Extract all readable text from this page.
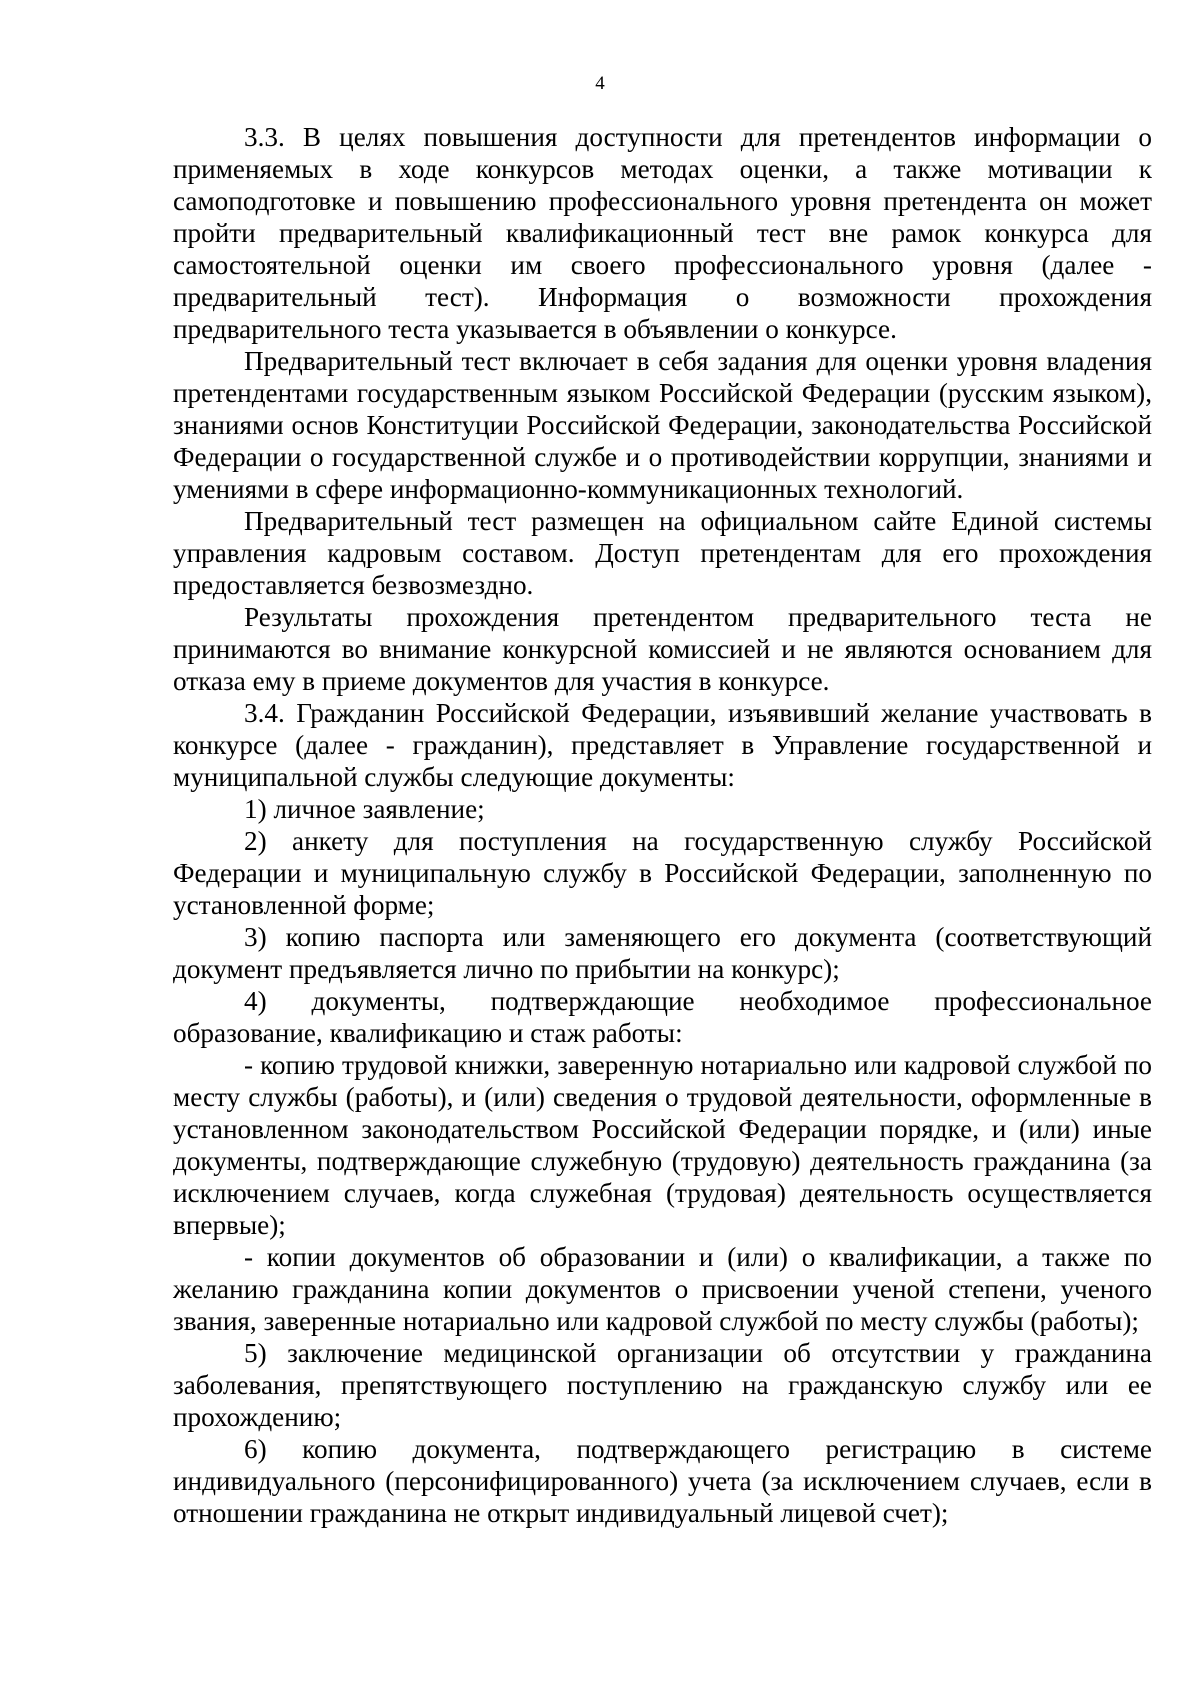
4

3.3. В целях повышения доступности для претендентов информации о применяемых в ходе конкурсов методах оценки, а также мотивации к самоподготовке и повышению профессионального уровня претендента он может пройти предварительный квалификационный тест вне рамок конкурса для самостоятельной оценки им своего профессионального уровня (далее - предварительный тест). Информация о возможности прохождения предварительного теста указывается в объявлении о конкурсе.

Предварительный тест включает в себя задания для оценки уровня владения претендентами государственным языком Российской Федерации (русским языком), знаниями основ Конституции Российской Федерации, законодательства Российской Федерации о государственной службе и о противодействии коррупции, знаниями и умениями в сфере информационно-коммуникационных технологий.

Предварительный тест размещен на официальном сайте Единой системы управления кадровым составом. Доступ претендентам для его прохождения предоставляется безвозмездно.

Результаты прохождения претендентом предварительного теста не принимаются во внимание конкурсной комиссией и не являются основанием для отказа ему в приеме документов для участия в конкурсе.

3.4. Гражданин Российской Федерации, изъявивший желание участвовать в конкурсе (далее - гражданин), представляет в Управление государственной и муниципальной службы следующие документы:

1) личное заявление;

2) анкету для поступления на государственную службу Российской Федерации и муниципальную службу в Российской Федерации, заполненную по установленной форме;

3) копию паспорта или заменяющего его документа (соответствующий документ предъявляется лично по прибытии на конкурс);

4) документы, подтверждающие необходимое профессиональное образование, квалификацию и стаж работы:

- копию трудовой книжки, заверенную нотариально или кадровой службой по месту службы (работы), и (или) сведения о трудовой деятельности, оформленные в установленном законодательством Российской Федерации порядке, и (или) иные документы, подтверждающие служебную (трудовую) деятельность гражданина (за исключением случаев, когда служебная (трудовая) деятельность осуществляется впервые);

- копии документов об образовании и (или) о квалификации, а также по желанию гражданина копии документов о присвоении ученой степени, ученого звания, заверенные нотариально или кадровой службой по месту службы (работы);

5) заключение медицинской организации об отсутствии у гражданина заболевания, препятствующего поступлению на гражданскую службу или ее прохождению;

6) копию документа, подтверждающего регистрацию в системе индивидуального (персонифицированного) учета (за исключением случаев, если в отношении гражданина не открыт индивидуальный лицевой счет);
